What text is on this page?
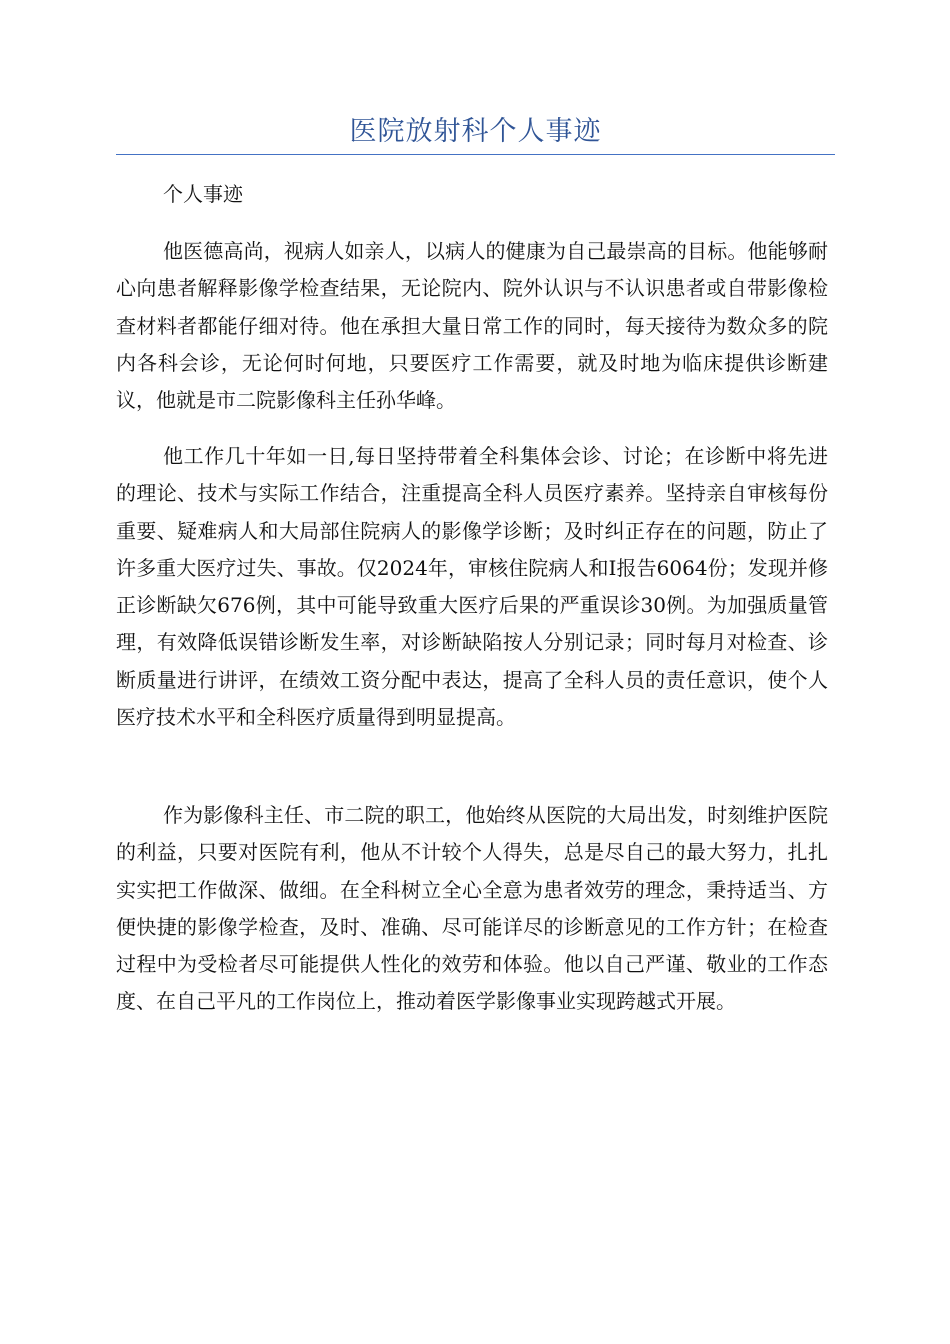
医院放射科个人事迹
个人事迹

他医德高尚，视病人如亲人，以病人的健康为自己最崇高的目标。他能够耐心向患者解释影像学检查结果，无论院内、院外认识与不认识患者或自带影像检查材料者都能仔细对待。他在承担大量日常工作的同时，每天接待为数众多的院内各科会诊，无论何时何地，只要医疗工作需要，就及时地为临床提供诊断建议，他就是市二院影像科主任孙华峰。

他工作几十年如一日,每日坚持带着全科集体会诊、讨论；在诊断中将先进的理论、技术与实际工作结合，注重提高全科人员医疗素养。坚持亲自审核每份重要、疑难病人和大局部住院病人的影像学诊断；及时纠正存在的问题，防止了许多重大医疗过失、事故。仅2024年，审核住院病人和Ⅰ报告6064份；发现并修正诊断缺欠676例，其中可能导致重大医疗后果的严重误诊30例。为加强质量管理，有效降低误错诊断发生率，对诊断缺陷按人分别记录；同时每月对检查、诊断质量进行讲评，在绩效工资分配中表达，提高了全科人员的责任意识，使个人医疗技术水平和全科医疗质量得到明显提高。

作为影像科主任、市二院的职工，他始终从医院的大局出发，时刻维护医院的利益，只要对医院有利，他从不计较个人得失，总是尽自己的最大努力，扎扎实实把工作做深、做细。在全科树立全心全意为患者效劳的理念，秉持适当、方便快捷的影像学检查，及时、准确、尽可能详尽的诊断意见的工作方针；在检查过程中为受检者尽可能提供人性化的效劳和体验。他以自己严谨、敬业的工作态度、在自己平凡的工作岗位上，推动着医学影像事业实现跨越式开展。
